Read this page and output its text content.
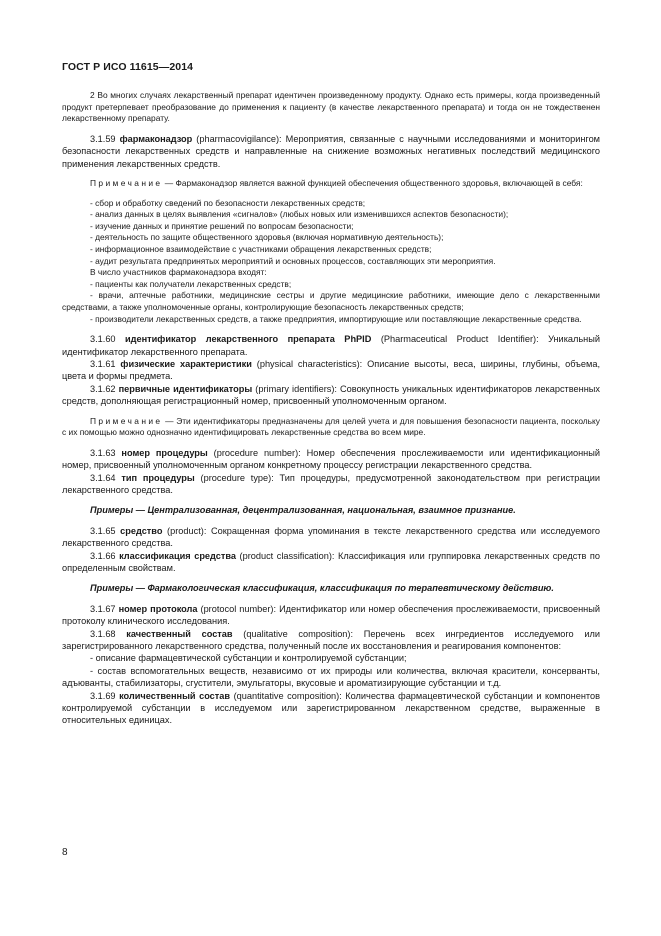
ГОСТ Р ИСО 11615—2014

2 Во многих случаях лекарственный препарат идентичен произведенному продукту. Однако есть примеры, когда произведенный продукт претерпевает преобразование до применения к пациенту (в качестве лекарственного препарата) и тогда он не тождественен лекарственному препарату.

3.1.59 фармаконадзор (pharmacovigilance): Мероприятия, связанные с научными исследованиями и мониторингом безопасности лекарственных средств и направленные на снижение возможных негативных последствий медицинского применения лекарственных средств.

Примечание — Фармаконадзор является важной функцией обеспечения общественного здоровья, включающей в себя:

- сбор и обработку сведений по безопасности лекарственных средств;

- анализ данных в целях выявления «сигналов» (любых новых или изменившихся аспектов безопасности);

- изучение данных и принятие решений по вопросам безопасности;

- деятельность по защите общественного здоровья (включая нормативную деятельность);

- информационное взаимодействие с участниками обращения лекарственных средств;

- аудит результата предпринятых мероприятий и основных процессов, составляющих эти мероприятия.

В число участников фармаконадзора входят:

- пациенты как получатели лекарственных средств;

- врачи, аптечные работники, медицинские сестры и другие медицинские работники, имеющие дело с лекарственными средствами, а также уполномоченные органы, контролирующие безопасность лекарственных средств;

- производители лекарственных средств, а также предприятия, импортирующие или поставляющие лекарственные средства.

3.1.60 идентификатор лекарственного препарата PhPID (Pharmaceutical Product Identifier): Уникальный идентификатор лекарственного препарата.

3.1.61 физические характеристики (physical characteristics): Описание высоты, веса, ширины, глубины, объема, цвета и формы предмета.

3.1.62 первичные идентификаторы (primary identifiers): Совокупность уникальных идентификаторов лекарственных средств, дополняющая регистрационный номер, присвоенный уполномоченным органом.

Примечание — Эти идентификаторы предназначены для целей учета и для повышения безопасности пациента, поскольку с их помощью можно однозначно идентифицировать лекарственные средства во всем мире.

3.1.63 номер процедуры (procedure number): Номер обеспечения прослеживаемости или идентификационный номер, присвоенный уполномоченным органом конкретному процессу регистрации лекарственного средства.

3.1.64 тип процедуры (procedure type): Тип процедуры, предусмотренной законодательством при регистрации лекарственного средства.

Примеры — Централизованная, децентрализованная, национальная, взаимное признание.

3.1.65 средство (product): Сокращенная форма упоминания в тексте лекарственного средства или исследуемого лекарственного средства.

3.1.66 классификация средства (product classification): Классификация или группировка лекарственных средств по определенным свойствам.

Примеры — Фармакологическая классификация, классификация по терапевтическому действию.

3.1.67 номер протокола (protocol number): Идентификатор или номер обеспечения прослеживаемости, присвоенный протоколу клинического исследования.

3.1.68 качественный состав (qualitative composition): Перечень всех ингредиентов исследуемого или зарегистрированного лекарственного средства, полученный после их восстановления и реагирования компонентов:

- описание фармацевтической субстанции и контролируемой субстанции;

- состав вспомогательных веществ, независимо от их природы или количества, включая красители, консерванты, адъюванты, стабилизаторы, сгустители, эмульгаторы, вкусовые и ароматизирующие субстанции и т.д.

3.1.69 количественный состав (quantitative composition): Количества фармацевтической субстанции и компонентов контролируемой субстанции в исследуемом или зарегистрированном лекарственном средстве, выраженные в относительных единицах.

8
